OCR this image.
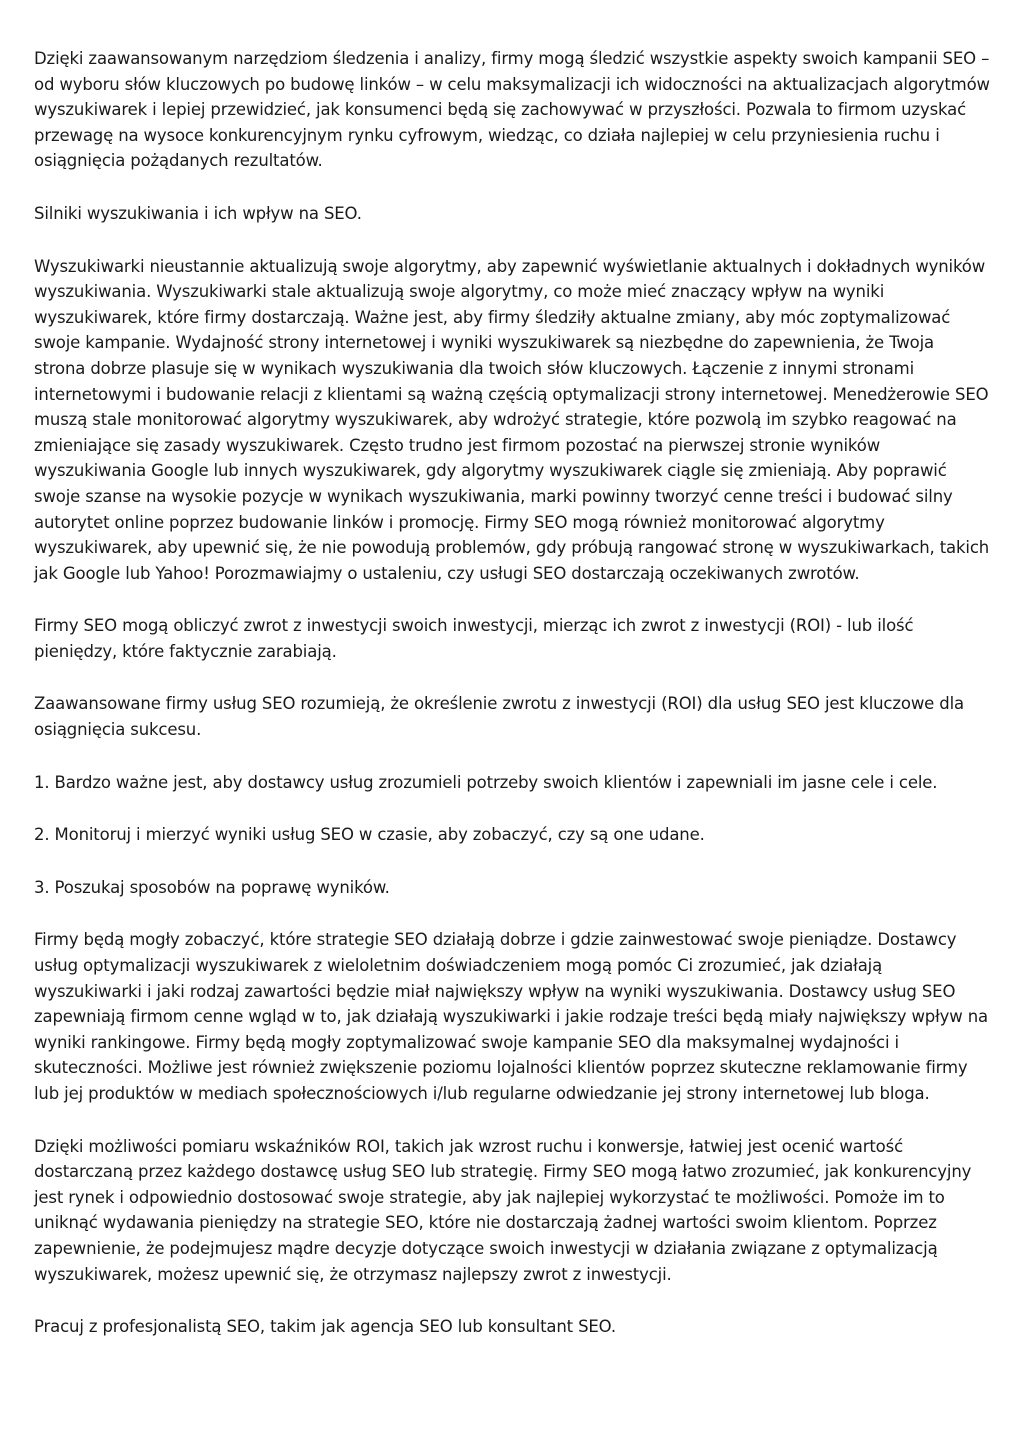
Dzięki zaawansowanym narzędziom śledzenia i analizy, firmy mogą śledzić wszystkie aspekty swoich kampanii SEO – od wyboru słów kluczowych po budowę linków – w celu maksymalizacji ich widoczności na aktualizacjach algorytmów wyszukiwarek i lepiej przewidzieć, jak konsumenci będą się zachowywać w przyszłości. Pozwala to firmom uzyskać przewagę na wysoce konkurencyjnym rynku cyfrowym, wiedząc, co działa najlepiej w celu przyniesienia ruchu i osiągnięcia pożądanych rezultatów.

Silniki wyszukiwania i ich wpływ na SEO.

Wyszukiwarki nieustannie aktualizują swoje algorytmy, aby zapewnić wyświetlanie aktualnych i dokładnych wyników wyszukiwania. Wyszukiwarki stale aktualizują swoje algorytmy, co może mieć znaczący wpływ na wyniki wyszukiwarek, które firmy dostarczają. Ważne jest, aby firmy śledziły aktualne zmiany, aby móc zoptymalizować swoje kampanie. Wydajność strony internetowej i wyniki wyszukiwarek są niezbędne do zapewnienia, że Twoja strona dobrze plasuje się w wynikach wyszukiwania dla twoich słów kluczowych. Łączenie z innymi stronami internetowymi i budowanie relacji z klientami są ważną częścią optymalizacji strony internetowej. Menedżerowie SEO muszą stale monitorować algorytmy wyszukiwarek, aby wdrożyć strategie, które pozwolą im szybko reagować na zmieniające się zasady wyszukiwarek. Często trudno jest firmom pozostać na pierwszej stronie wyników wyszukiwania Google lub innych wyszukiwarek, gdy algorytmy wyszukiwarek ciągle się zmieniają. Aby poprawić swoje szanse na wysokie pozycje w wynikach wyszukiwania, marki powinny tworzyć cenne treści i budować silny autorytet online poprzez budowanie linków i promocję. Firmy SEO mogą również monitorować algorytmy wyszukiwarek, aby upewnić się, że nie powodują problemów, gdy próbują rangować stronę w wyszukiwarkach, takich jak Google lub Yahoo! Porozmawiajmy o ustaleniu, czy usługi SEO dostarczają oczekiwanych zwrotów.

Firmy SEO mogą obliczyć zwrot z inwestycji swoich inwestycji, mierząc ich zwrot z inwestycji (ROI) - lub ilość pieniędzy, które faktycznie zarabiają.

Zaawansowane firmy usług SEO rozumieją, że określenie zwrotu z inwestycji (ROI) dla usług SEO jest kluczowe dla osiągnięcia sukcesu.

1. Bardzo ważne jest, aby dostawcy usług zrozumieli potrzeby swoich klientów i zapewniali im jasne cele i cele.

2. Monitoruj i mierzyć wyniki usług SEO w czasie, aby zobaczyć, czy są one udane.

3. Poszukaj sposobów na poprawę wyników.

Firmy będą mogły zobaczyć, które strategie SEO działają dobrze i gdzie zainwestować swoje pieniądze. Dostawcy usług optymalizacji wyszukiwarek z wieloletnim doświadczeniem mogą pomóc Ci zrozumieć, jak działają wyszukiwarki i jaki rodzaj zawartości będzie miał największy wpływ na wyniki wyszukiwania. Dostawcy usług SEO zapewniają firmom cenne wgląd w to, jak działają wyszukiwarki i jakie rodzaje treści będą miały największy wpływ na wyniki rankingowe. Firmy będą mogły zoptymalizować swoje kampanie SEO dla maksymalnej wydajności i skuteczności. Możliwe jest również zwiększenie poziomu lojalności klientów poprzez skuteczne reklamowanie firmy lub jej produktów w mediach społecznościowych i/lub regularne odwiedzanie jej strony internetowej lub bloga.

Dzięki możliwości pomiaru wskaźników ROI, takich jak wzrost ruchu i konwersje, łatwiej jest ocenić wartość dostarczaną przez każdego dostawcę usług SEO lub strategię. Firmy SEO mogą łatwo zrozumieć, jak konkurencyjny jest rynek i odpowiednio dostosować swoje strategie, aby jak najlepiej wykorzystać te możliwości. Pomoże im to uniknąć wydawania pieniędzy na strategie SEO, które nie dostarczają żadnej wartości swoim klientom. Poprzez zapewnienie, że podejmujesz mądre decyzje dotyczące swoich inwestycji w działania związane z optymalizacją wyszukiwarek, możesz upewnić się, że otrzymasz najlepszy zwrot z inwestycji.

Pracuj z profesjonalistą SEO, takim jak agencja SEO lub konsultant SEO.
